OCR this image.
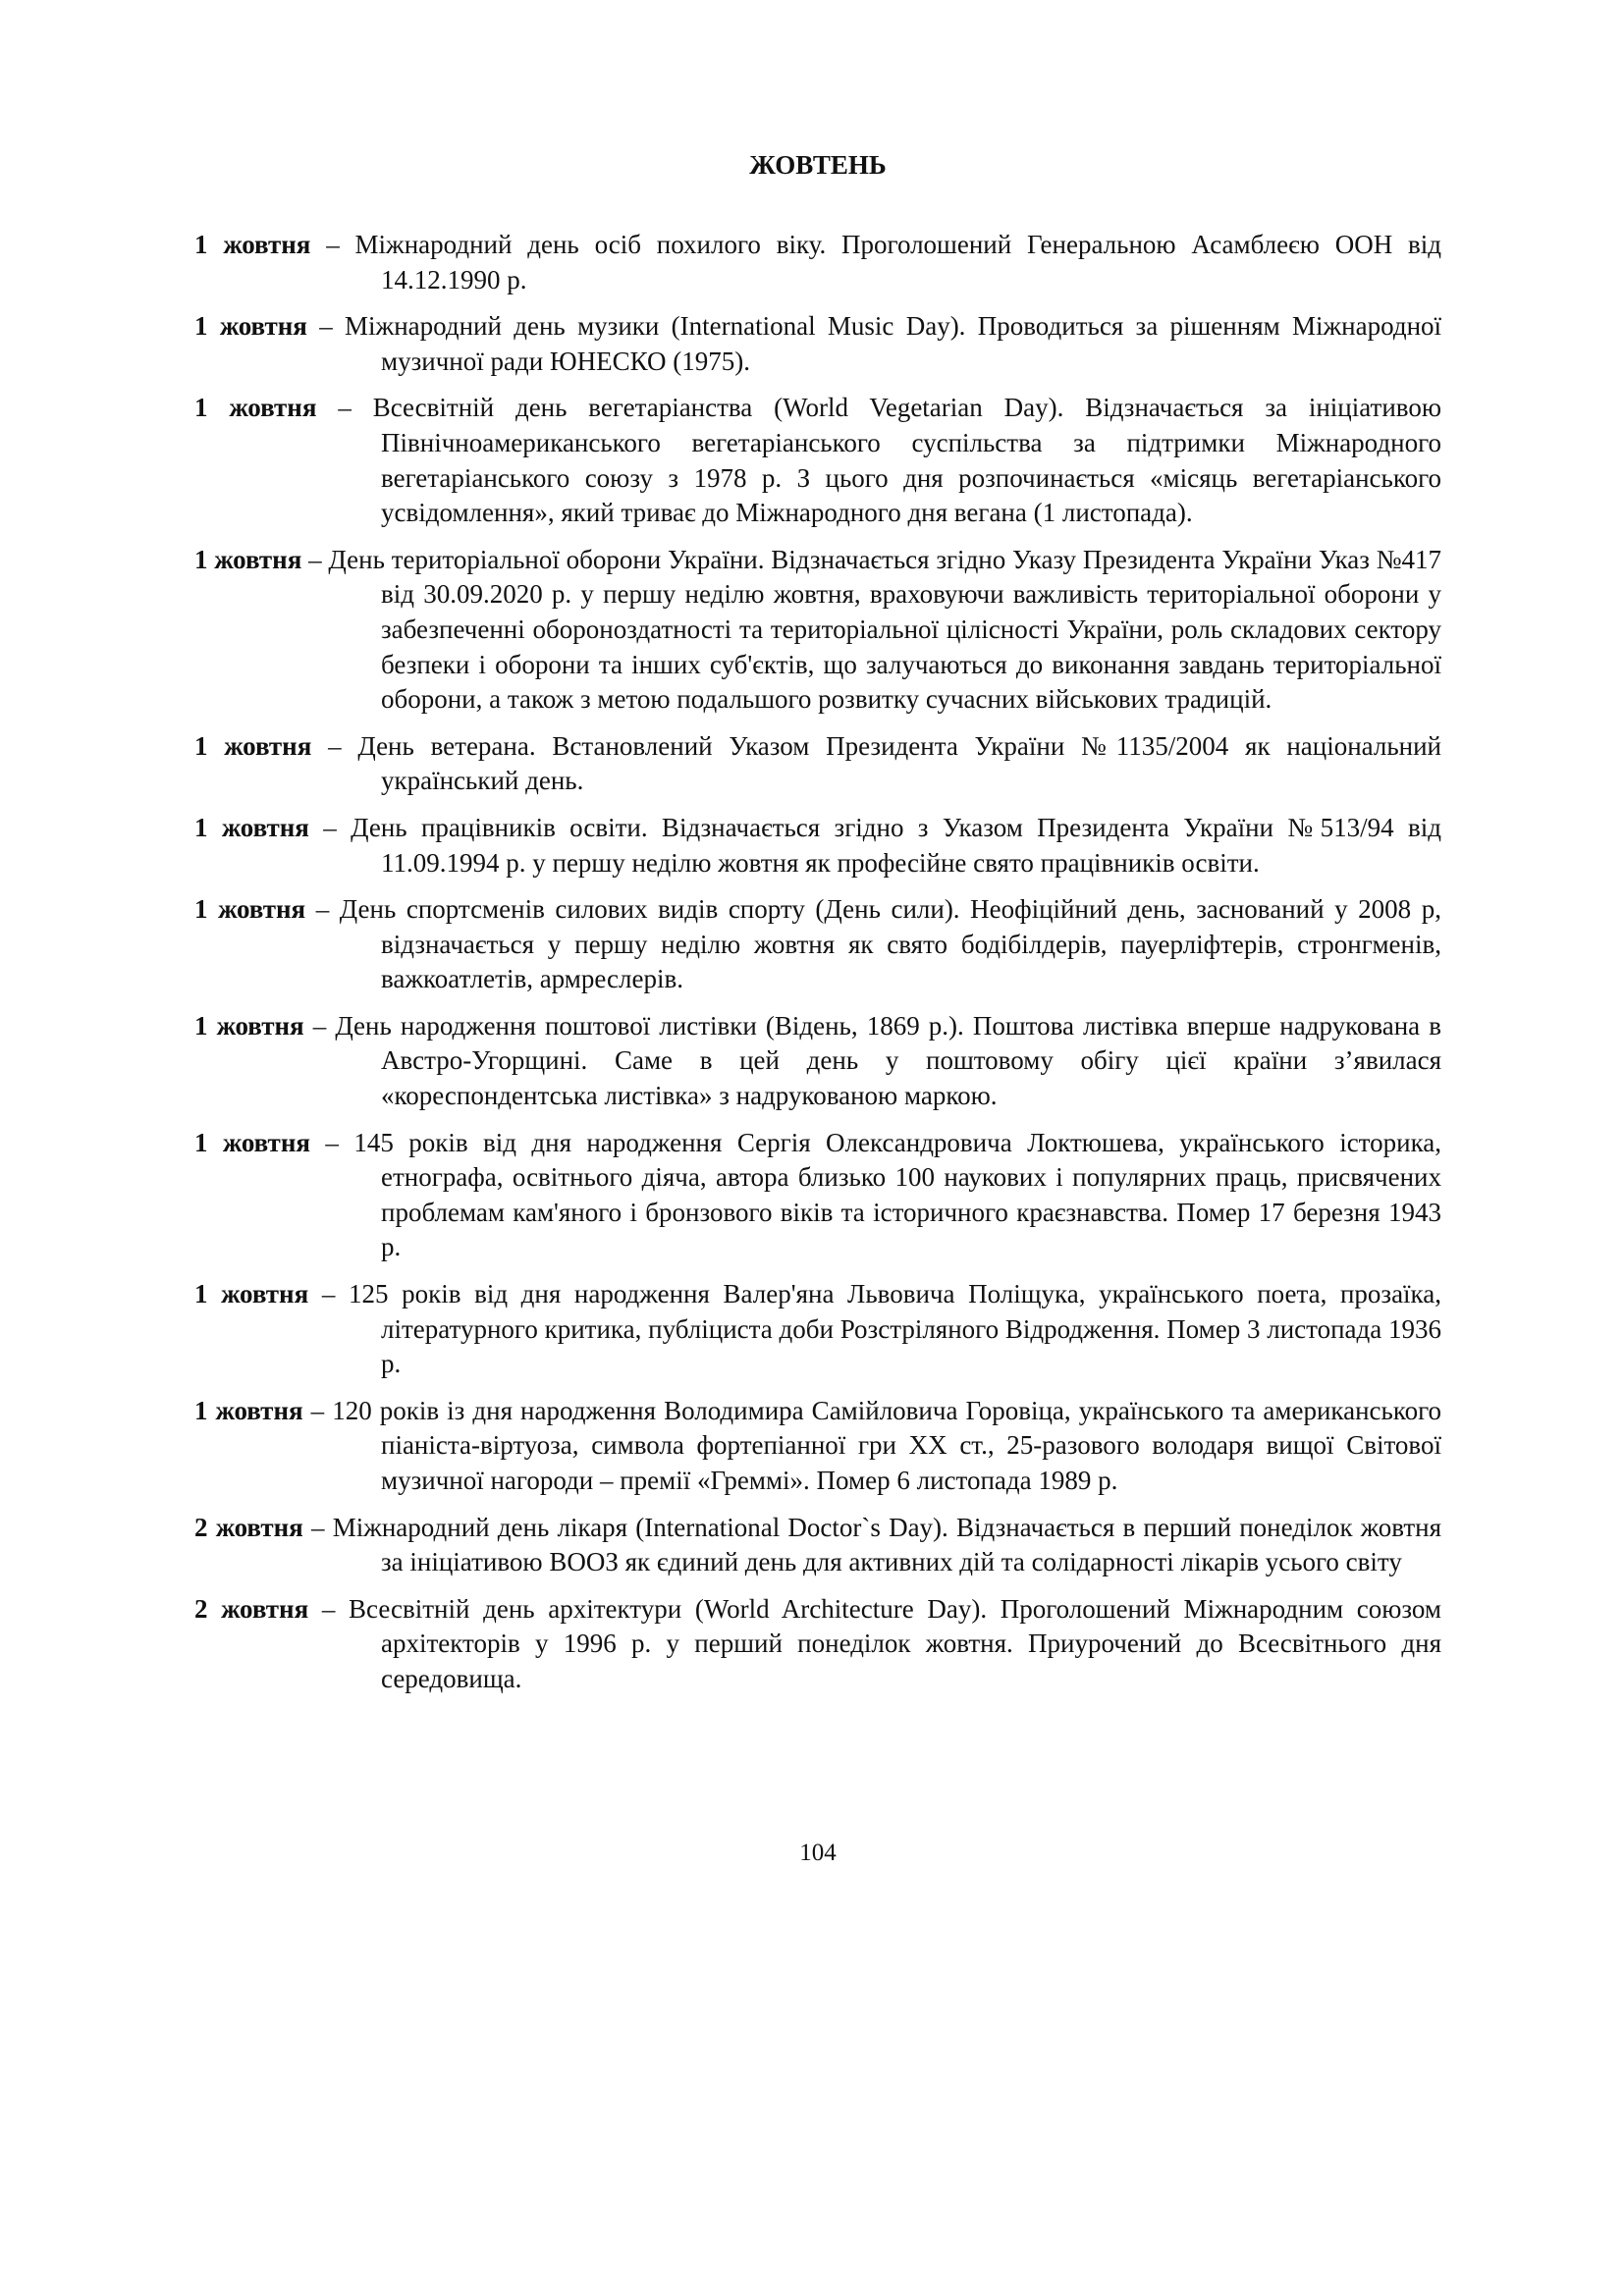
ЖОВТЕНЬ
1 жовтня – Міжнародний день осіб похилого віку. Проголошений Генеральною Асамблеєю ООН від 14.12.1990 р.
1 жовтня – Міжнародний день музики (International Music Day). Проводиться за рішенням Міжнародної музичної ради ЮНЕСКО (1975).
1 жовтня – Всесвітній день вегетаріанства (World Vegetarian Day). Відзначається за ініціативою Північноамериканського вегетаріанського суспільства за підтримки Міжнародного вегетаріанського союзу з 1978 р. З цього дня розпочинається «місяць вегетаріанського усвідомлення», який триває до Міжнародного дня вегана (1 листопада).
1 жовтня – День територіальної оборони України. Відзначається згідно Указу Президента України Указ №417 від 30.09.2020 р. у першу неділю жовтня, враховуючи важливість територіальної оборони у забезпеченні обороноздатності та територіальної цілісності України, роль складових сектору безпеки і оборони та інших суб'єктів, що залучаються до виконання завдань територіальної оборони, а також з метою подальшого розвитку сучасних військових традицій.
1 жовтня – День ветерана. Встановлений Указом Президента України №1135/2004 як національний український день.
1 жовтня – День працівників освіти. Відзначається згідно з Указом Президента України №513/94 від 11.09.1994 р. у першу неділю жовтня як професійне свято працівників освіти.
1 жовтня – День спортсменів силових видів спорту (День сили). Неофіційний день, заснований у 2008 р, відзначається у першу неділю жовтня як свято бодібілдерів, пауерліфтерів, стронгменів, важкоатлетів, армреслерів.
1 жовтня – День народження поштової листівки (Відень, 1869 р.). Поштова листівка вперше надрукована в Австро-Угорщині. Саме в цей день у поштовому обігу цієї країни з’явилася «кореспондентська листівка» з надрукованою маркою.
1 жовтня – 145 років від дня народження Сергія Олександровича Локтюшева, українського історика, етнографа, освітнього діяча, автора близько 100 наукових і популярних праць, присвячених проблемам кам'яного і бронзового віків та історичного краєзнавства. Помер 17 березня 1943 р.
1 жовтня – 125 років від дня народження Валер'яна Львовича Поліщука, українського поета, прозаїка, літературного критика, публіциста доби Розстріляного Відродження. Помер 3 листопада 1936 р.
1 жовтня – 120 років із дня народження Володимира Самійловича Горовіца, українського та американського піаніста-віртуоза, символа фортепіанної гри XX ст., 25-разового володаря вищої Світової музичної нагороди – премії «Греммі». Помер 6 листопада 1989 р.
2 жовтня – Міжнародний день лікаря (International Doctor`s Day). Відзначається в перший понеділок жовтня за ініціативою ВООЗ як єдиний день для активних дій та солідарності лікарів усього світу
2 жовтня – Всесвітній день архітектури (World Architecture Day). Проголошений Міжнародним союзом архітекторів у 1996 р. у перший понеділок жовтня. Приурочений до Всесвітнього дня середовища.

104
